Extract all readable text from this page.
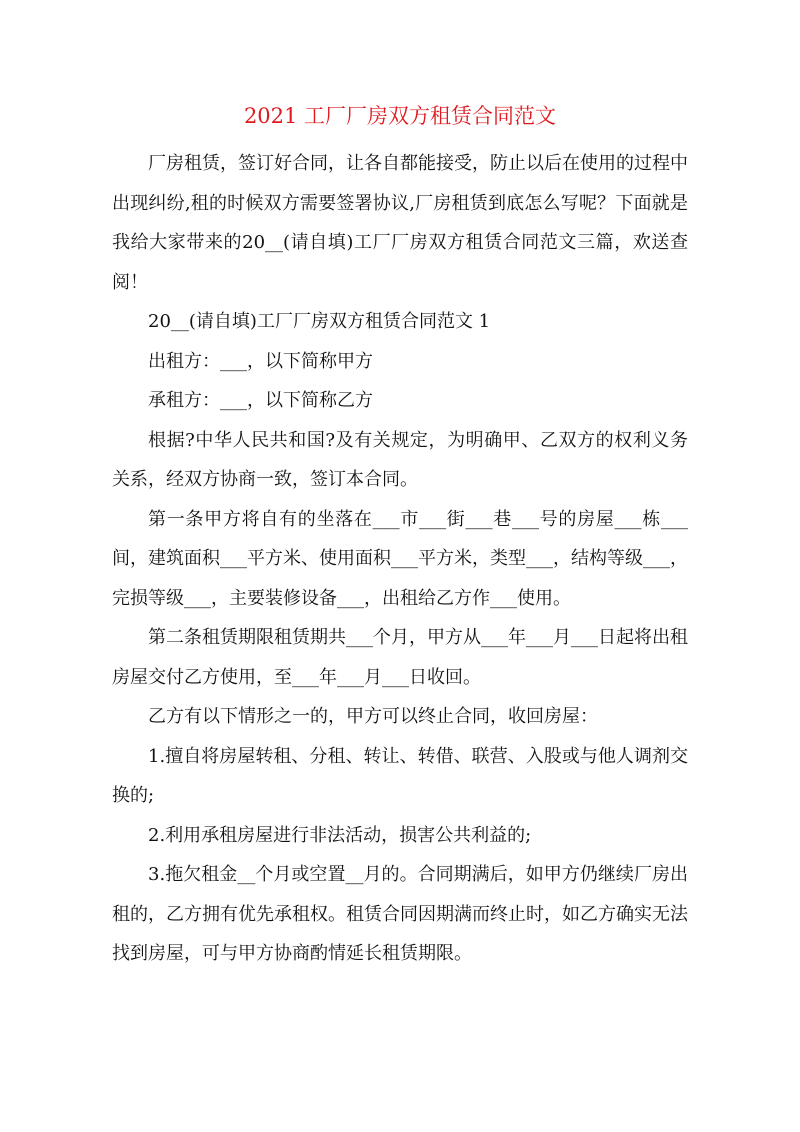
2021 工厂厂房双方租赁合同范文

厂房租赁，签订好合同，让各自都能接受，防止以后在使用的过程中出现纠纷,租的时候双方需要签署协议,厂房租赁到底怎么写呢？下面就是我给大家带来的20__(请自填)工厂厂房双方租赁合同范文三篇，欢送查阅！

20__(请自填)工厂厂房双方租赁合同范文 1

出租方：___，以下简称甲方

承租方：___，以下简称乙方

根据?中华人民共和国?及有关规定，为明确甲、乙双方的权利义务关系，经双方协商一致，签订本合同。

第一条甲方将自有的坐落在___市___街___巷___号的房屋___栋___间，建筑面积___平方米、使用面积___平方米，类型___，结构等级___，完损等级___，主要装修设备___，出租给乙方作___使用。

第二条租赁期限租赁期共___个月，甲方从___年___月___日起将出租房屋交付乙方使用，至___年___月___日收回。

乙方有以下情形之一的，甲方可以终止合同，收回房屋：

1.擅自将房屋转租、分租、转让、转借、联营、入股或与他人调剂交换的;

2.利用承租房屋进行非法活动，损害公共利益的;

3.拖欠租金__个月或空置__月的。合同期满后，如甲方仍继续厂房出租的，乙方拥有优先承租权。租赁合同因期满而终止时，如乙方确实无法找到房屋，可与甲方协商酌情延长租赁期限。
